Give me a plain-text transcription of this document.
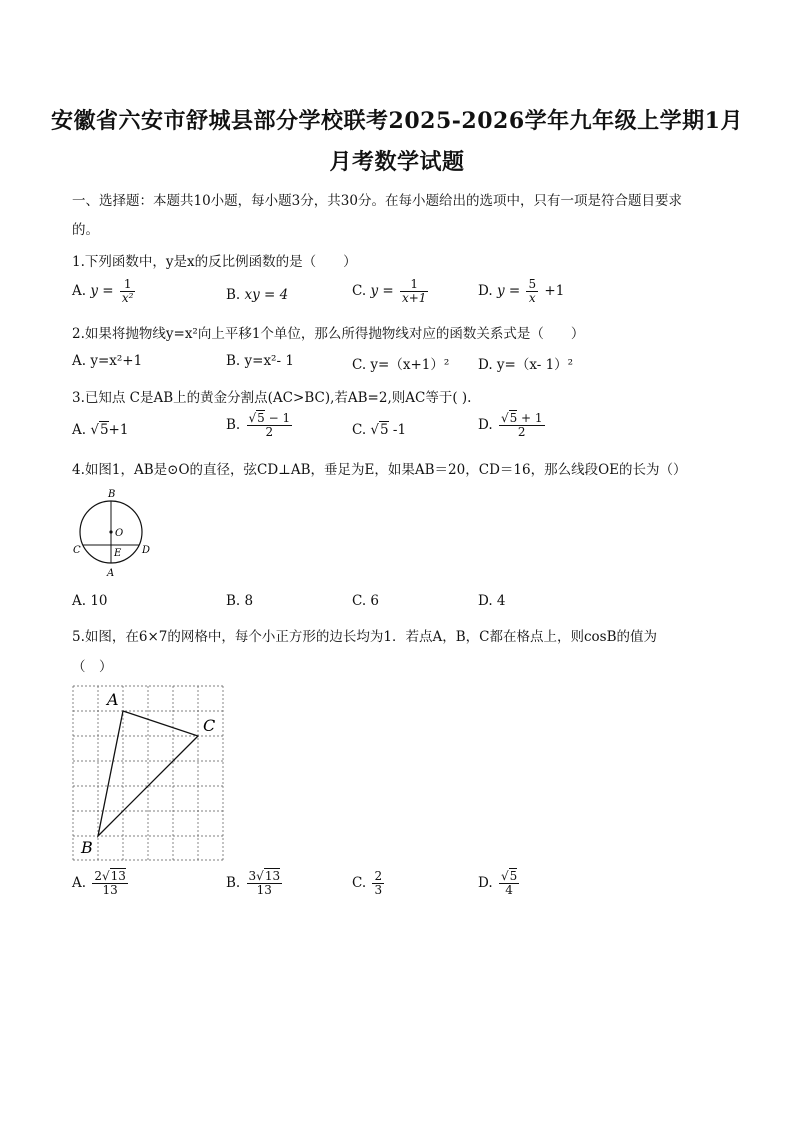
安徽省六安市舒城县部分学校联考2025-2026学年九年级上学期1月
月考数学试题
一、选择题：本题共10小题，每小题3分，共30分。在每小题给出的选项中，只有一项是符合题目要求
的。
1.下列函数中，y是x的反比例函数的是（　　）
A. $y = \frac{1}{\text{x²}}$	B. xy = 4	C. $y = \frac{1}{x+1}$	D. $y = \frac{5}{x} +1$
2.如果将抛物线y=x²向上平移1个单位，那么所得抛物线对应的函数关系式是（　　）
A. y=x²+1	B. y=x²- 1	C. y=（x+1）² D. y=（x- 1）²
3.已知点 C是AB上的黄金分割点(AC>BC),若AB=2,则AC等于( ).
A. √5+1	B. $\frac{√5 - 1}{2}$	C. √5 -1	D. $\frac{√5 + 1}{2}$
4.如图1，AB是⊙O的直径，弦CD⊥AB，垂足为E，如果AB＝20，CD＝16，那么线段OE的长为（）
B
O
C	E D
A
A. 10	B. 8	C. 6	D. 4
5.如图，在6×7的网格中，每个小正方形的边长均为1．若点A，B，C都在格点上，则cosB的值为
（　）
A
C
B
A. $\frac{2√13}{13}$	B. $\frac{3√13}{13}$	C. $\frac{2}{3}$	D. $\frac{√5}{4}$
